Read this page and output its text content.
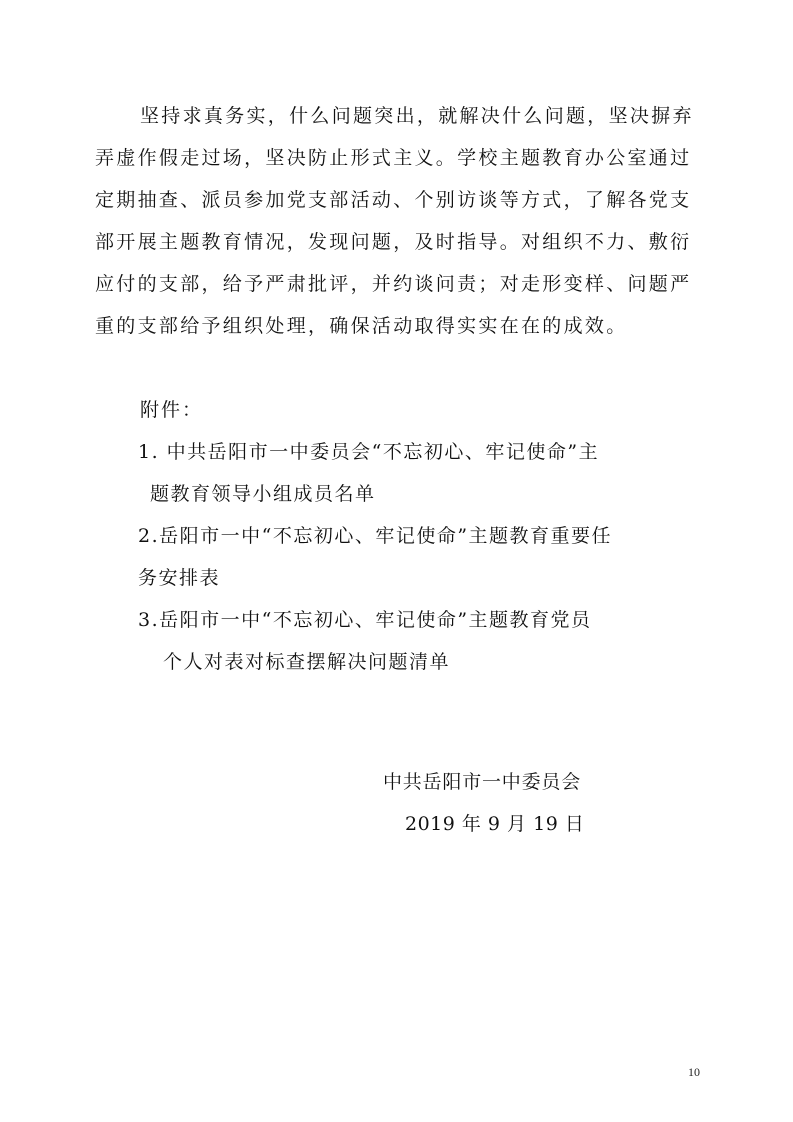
坚持求真务实，什么问题突出，就解决什么问题，坚决摒弃
弄虚作假走过场，坚决防止形式主义。学校主题教育办公室通过
定期抽查、派员参加党支部活动、个别访谈等方式，了解各党支
部开展主题教育情况，发现问题，及时指导。对组织不力、敷衍
应付的支部，给予严肃批评，并约谈问责；对走形变样、问题严
重的支部给予组织处理，确保活动取得实实在在的成效。
附件：
1. 中共岳阳市一中委员会“不忘初心、牢记使命”主
题教育领导小组成员名单
2.岳阳市一中“不忘初心、牢记使命”主题教育重要任
务安排表
3.岳阳市一中“不忘初心、牢记使命”主题教育党员
个人对表对标查摆解决问题清单
中共岳阳市一中委员会
2019 年 9 月 19 日
10
